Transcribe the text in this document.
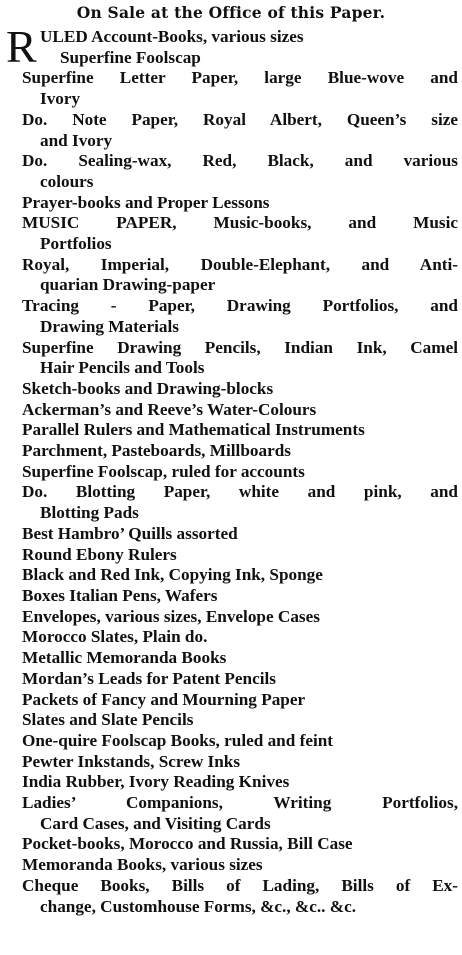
On Sale at the Office of this Paper.
R ULED Account-Books, various sizes
Superfine Foolscap
Superfine Letter Paper, large Blue-wove and
Ivory
Do. Note Paper, Royal Albert, Queen’s size
and Ivory
Do. Sealing-wax, Red, Black, and various
colours
Prayer-books and Proper Lessons
MUSIC PAPER, Music-books, and Music
Portfolios
Royal, Imperial, Double-Elephant, and Anti-
quarian Drawing-paper
Tracing - Paper, Drawing Portfolios, and
Drawing Materials
Superfine Drawing Pencils, Indian Ink, Camel
Hair Pencils and Tools
Sketch-books and Drawing-blocks
Ackerman’s and Reeve’s Water-Colours
Parallel Rulers and Mathematical Instruments
Parchment, Pasteboards, Millboards
Superfine Foolscap, ruled for accounts
Do. Blotting Paper, white and pink, and
Blotting Pads
Best Hambro’ Quills assorted
Round Ebony Rulers
Black and Red Ink, Copying Ink, Sponge
Boxes Italian Pens, Wafers
Envelopes, various sizes, Envelope Cases
Morocco Slates, Plain do.
Metallic Memoranda Books
Mordan’s Leads for Patent Pencils
Packets of Fancy and Mourning Paper
Slates and Slate Pencils
One-quire Foolscap Books, ruled and feint
Pewter Inkstands, Screw Inks
India Rubber, Ivory Reading Knives
Ladies’ Companions, Writing Portfolios,
Card Cases, and Visiting Cards
Pocket-books, Morocco and Russia, Bill Case
Memoranda Books, various sizes
Cheque Books, Bills of Lading, Bills of Ex-
change, Customhouse Forms, &c., &c.. &c.
